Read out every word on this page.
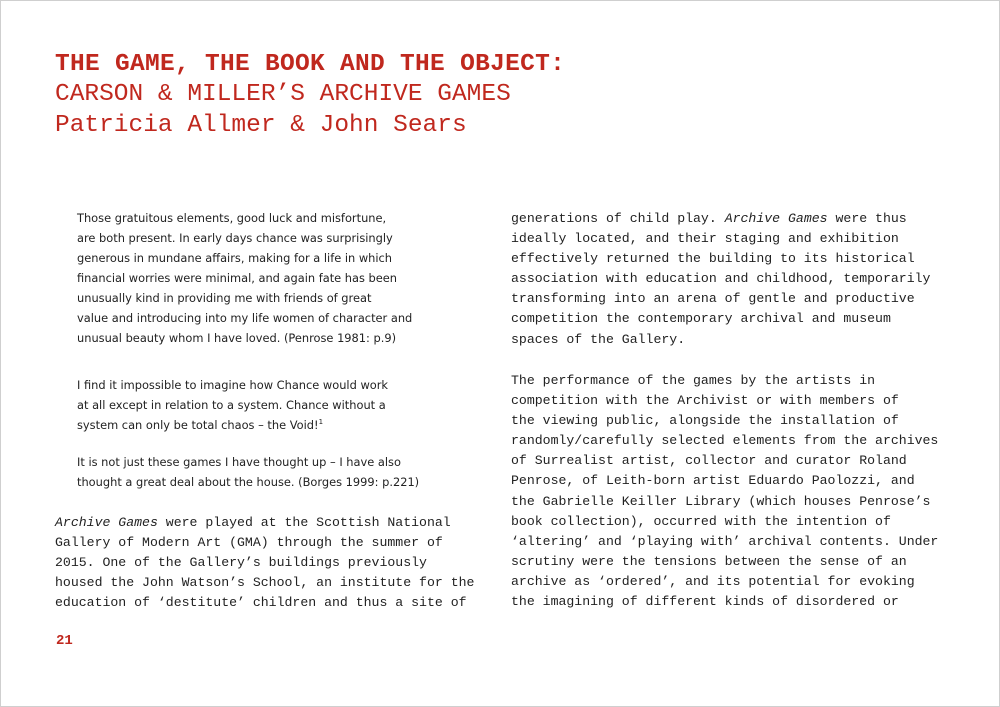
THE GAME, THE BOOK AND THE OBJECT:
CARSON & MILLER’S ARCHIVE GAMES
Patricia Allmer & John Sears
Those gratuitous elements, good luck and misfortune,
are both present. In early days chance was surprisingly
generous in mundane affairs, making for a life in which
financial worries were minimal, and again fate has been
unusually kind in providing me with friends of great
value and introducing into my life women of character and
unusual beauty whom I have loved. (Penrose 1981: p.9)
I find it impossible to imagine how Chance would work
at all except in relation to a system. Chance without a
system can only be total chaos – the Void!$^1$
It is not just these games I have thought up – I have also
thought a great deal about the house. (Borges 1999: p.221)
Archive Games were played at the Scottish National
Gallery of Modern Art (GMA) through the summer of
2015. One of the Gallery’s buildings previously
housed the John Watson’s School, an institute for the
education of ‘destitute’ children and thus a site of
generations of child play. Archive Games were thus
ideally located, and their staging and exhibition
effectively returned the building to its historical
association with education and childhood, temporarily
transforming into an arena of gentle and productive
competition the contemporary archival and museum
spaces of the Gallery.
The performance of the games by the artists in
competition with the Archivist or with members of
the viewing public, alongside the installation of
randomly/carefully selected elements from the archives
of Surrealist artist, collector and curator Roland
Penrose, of Leith-born artist Eduardo Paolozzi, and
the Gabrielle Keiller Library (which houses Penrose’s
book collection), occurred with the intention of
‘altering’ and ‘playing with’ archival contents. Under
scrutiny were the tensions between the sense of an
archive as ‘ordered’, and its potential for evoking
the imagining of different kinds of disordered or
21
